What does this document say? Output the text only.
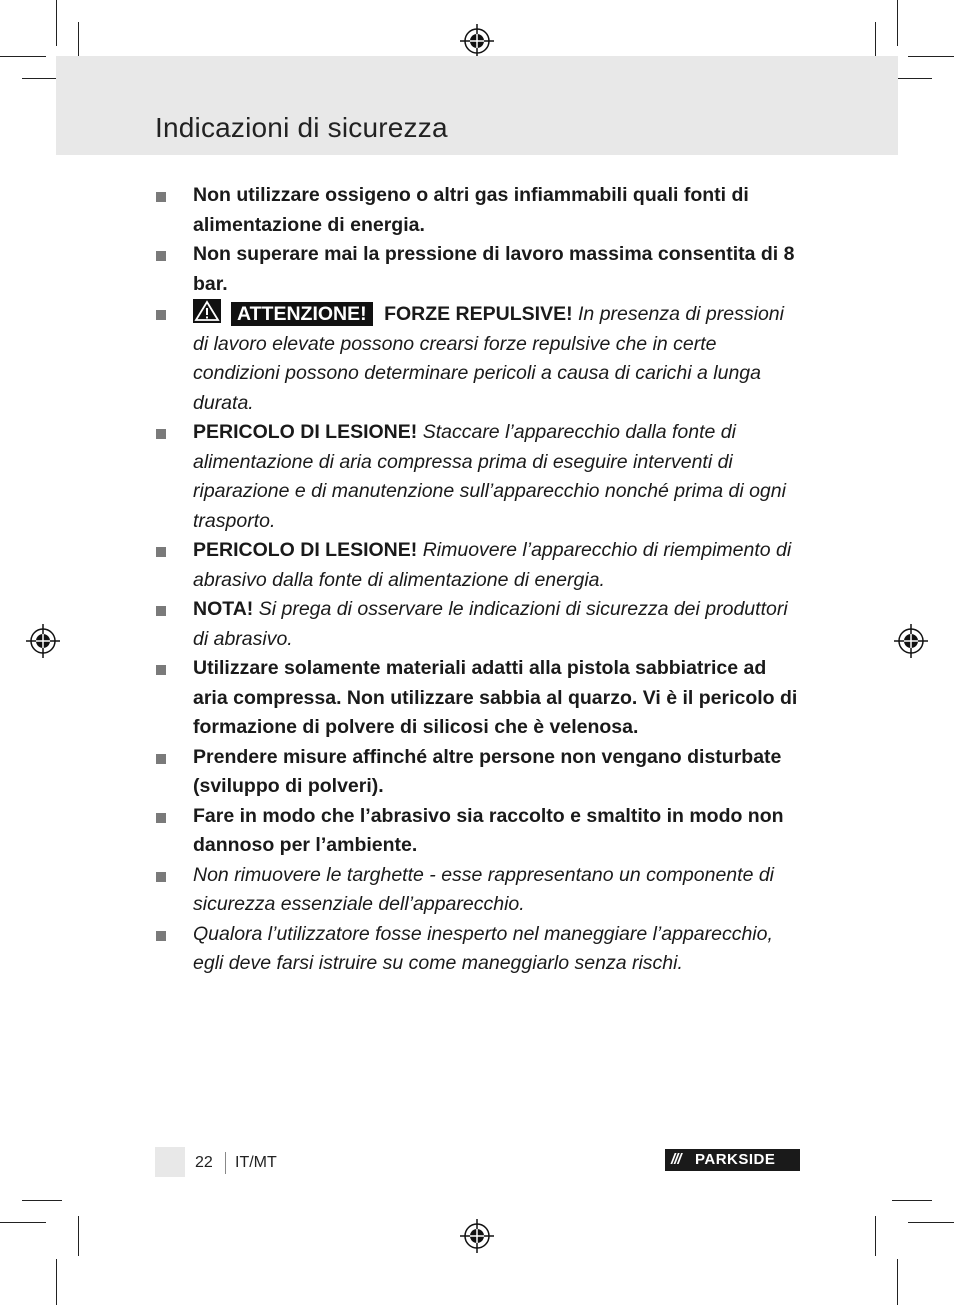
Indicazioni di sicurezza
Non utilizzare ossigeno o altri gas infiammabili quali fonti di alimentazione di energia.
Non superare mai la pressione di lavoro massima consentita di 8 bar.
ATTENZIONE! FORZE REPULSIVE! In presenza di pressioni di lavoro elevate possono crearsi forze repulsive che in certe condizioni possono determinare pericoli a causa di carichi a lunga durata.
PERICOLO DI LESIONE! Staccare l’apparecchio dalla fonte di alimentazione di aria compressa prima di eseguire interventi di riparazione e di manutenzione sull’apparecchio nonché prima di ogni trasporto.
PERICOLO DI LESIONE! Rimuovere l’apparecchio di riempimento di abrasivo dalla fonte di alimentazione di energia.
NOTA! Si prega di osservare le indicazioni di sicurezza dei produttori di abrasivo.
Utilizzare solamente materiali adatti alla pistola sabbiatrice ad aria compressa. Non utilizzare sabbia al quarzo. Vi è il pericolo di formazione di polvere di silicosi che è velenosa.
Prendere misure affinché altre persone non vengano disturbate (sviluppo di polveri).
Fare in modo che l’abrasivo sia raccolto e smaltito in modo non dannoso per l’ambiente.
Non rimuovere le targhette - esse rappresentano un componente di sicurezza essenziale dell’apparecchio.
Qualora l’utilizzatore fosse inesperto nel maneggiare l’apparecchio, egli deve farsi istruire su come maneggiarlo senza rischi.
22 IT/MT	/// PARKSIDE
